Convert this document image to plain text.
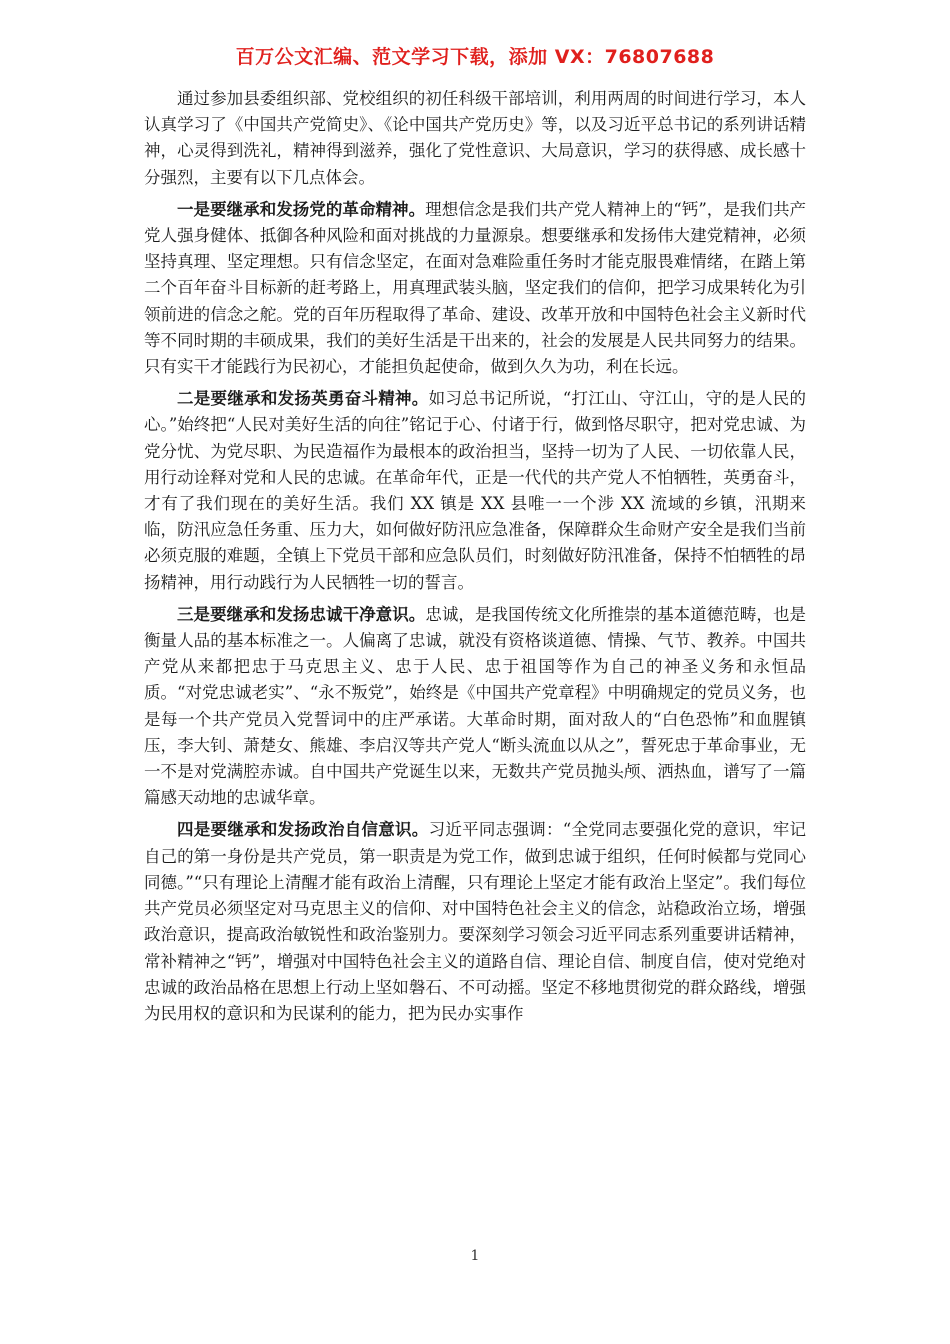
百万公文汇编、范文学习下载，添加 VX：76807688

通过参加县委组织部、党校组织的初任科级干部培训，利用两周的时间进行学习，本人认真学习了《中国共产党简史》、《论中国共产党历史》等，以及习近平总书记的系列讲话精神，心灵得到洗礼，精神得到滋养，强化了党性意识、大局意识，学习的获得感、成长感十分强烈，主要有以下几点体会。

一是要继承和发扬党的革命精神。理想信念是我们共产党人精神上的“钙”，是我们共产党人强身健体、抵御各种风险和面对挑战的力量源泉。想要继承和发扬伟大建党精神，必须坚持真理、坚定理想。只有信念坚定，在面对急难险重任务时才能克服畏难情绪，在踏上第二个百年奋斗目标新的赶考路上，用真理武装头脑，坚定我们的信仰，把学习成果转化为引领前进的信念之舵。党的百年历程取得了革命、建设、改革开放和中国特色社会主义新时代等不同时期的丰硕成果，我们的美好生活是干出来的，社会的发展是人民共同努力的结果。只有实干才能践行为民初心，才能担负起使命，做到久久为功，利在长远。

二是要继承和发扬英勇奋斗精神。如习总书记所说，“打江山、守江山，守的是人民的心。”始终把“人民对美好生活的向往”铭记于心、付诸于行，做到恪尽职守，把对党忠诚、为党分忧、为党尽职、为民造福作为最根本的政治担当，坚持一切为了人民、一切依靠人民，用行动诠释对党和人民的忠诚。在革命年代，正是一代代的共产党人不怕牺牲，英勇奋斗，才有了我们现在的美好生活。我们 XX 镇是 XX 县唯一一个涉 XX 流域的乡镇，汛期来临，防汛应急任务重、压力大，如何做好防汛应急准备，保障群众生命财产安全是我们当前必须克服的难题，全镇上下党员干部和应急队员们，时刻做好防汛准备，保持不怕牺牲的昂扬精神，用行动践行为人民牺牲一切的誓言。

三是要继承和发扬忠诚干净意识。忠诚，是我国传统文化所推崇的基本道德范畴，也是衡量人品的基本标准之一。人偏离了忠诚，就没有资格谈道德、情操、气节、教养。中国共产党从来都把忠于马克思主义、忠于人民、忠于祖国等作为自己的神圣义务和永恒品质。“对党忠诚老实”、“永不叛党”，始终是《中国共产党章程》中明确规定的党员义务，也是每一个共产党员入党誓词中的庄严承诺。大革命时期，面对敌人的“白色恐怖”和血腥镇压，李大钊、萧楚女、熊雄、李启汉等共产党人“断头流血以从之”，誓死忠于革命事业，无一不是对党满腔赤诚。自中国共产党诞生以来，无数共产党员抛头颅、洒热血，谱写了一篇篇感天动地的忠诚华章。

四是要继承和发扬政治自信意识。习近平同志强调：“全党同志要强化党的意识，牢记自己的第一身份是共产党员，第一职责是为党工作，做到忠诚于组织，任何时候都与党同心同德。”“只有理论上清醒才能有政治上清醒，只有理论上坚定才能有政治上坚定”。我们每位共产党员必须坚定对马克思主义的信仰、对中国特色社会主义的信念，站稳政治立场，增强政治意识，提高政治敏锐性和政治鉴别力。要深刻学习领会习近平同志系列重要讲话精神，常补精神之“钙”，增强对中国特色社会主义的道路自信、理论自信、制度自信，使对党绝对忠诚的政治品格在思想上行动上坚如磐石、不可动摇。坚定不移地贯彻党的群众路线，增强为民用权的意识和为民谋利的能力，把为民办实事作

1
